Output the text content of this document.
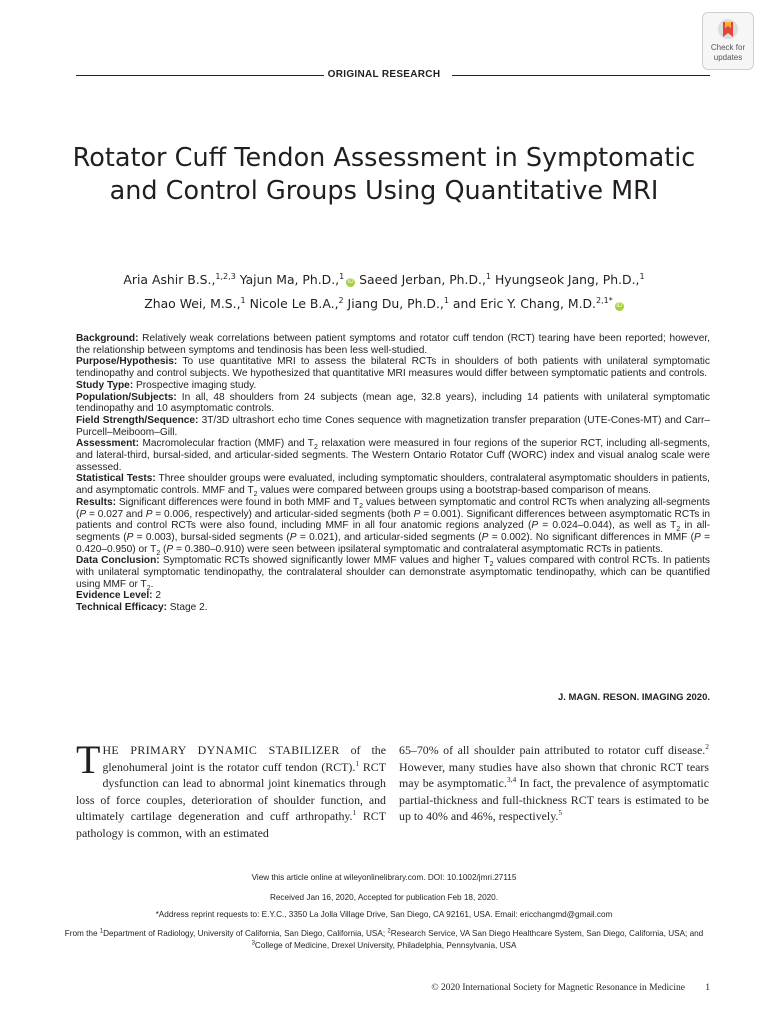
Check for
updates
ORIGINAL RESEARCH
Rotator Cuff Tendon Assessment in Symptomatic and Control Groups Using Quantitative MRI
Aria Ashir B.S.,$^{1,2,3}$ Yajun Ma, Ph.D.,$^1$iD Saeed Jerban, Ph.D.,$^1$ Hyungseok Jang, Ph.D.,$^1$
Zhao Wei, M.S.,$^1$ Nicole Le B.A.,$^2$ Jiang Du, Ph.D.,$^1$ and Eric Y. Chang, M.D.$^{2,1*}$iD

Background: Relatively weak correlations between patient symptoms and rotator cuff tendon (RCT) tearing have been reported; however, the relationship between symptoms and tendinosis has been less well-studied.

Purpose/Hypothesis: To use quantitative MRI to assess the bilateral RCTs in shoulders of both patients with unilateral symptomatic tendinopathy and control subjects. We hypothesized that quantitative MRI measures would differ between symptomatic patients and controls.

Study Type: Prospective imaging study.

Population/Subjects: In all, 48 shoulders from 24 subjects (mean age, 32.8 years), including 14 patients with unilateral symptomatic tendinopathy and 10 asymptomatic controls.

Field Strength/Sequence: 3T/3D ultrashort echo time Cones sequence with magnetization transfer preparation (UTE-Cones-MT) and Carr–Purcell–Meiboom–Gill.

Assessment: Macromolecular fraction (MMF) and $T_2$ relaxation were measured in four regions of the superior RCT, including all-segments, and lateral-third, bursal-sided, and articular-sided segments. The Western Ontario Rotator Cuff (WORC) index and visual analog scale were assessed.

Statistical Tests: Three shoulder groups were evaluated, including symptomatic shoulders, contralateral asymptomatic shoulders in patients, and asymptomatic controls. MMF and $T_2$ values were compared between groups using a bootstrap-based comparison of means.

Results: Significant differences were found in both MMF and $T_2$ values between symptomatic and control RCTs when analyzing all-segments (P = 0.027 and P = 0.006, respectively) and articular-sided segments (both P = 0.001). Significant differences between asymptomatic RCTs in patients and control RCTs were also found, including MMF in all four anatomic regions analyzed (P = 0.024–0.044), as well as $T_2$ in all-segments (P = 0.003), bursal-sided segments (P = 0.021), and articular-sided segments (P = 0.002). No significant differences in MMF (P = 0.420–0.950) or $T_2$ (P = 0.380–0.910) were seen between ipsilateral symptomatic and contralateral asymptomatic RCTs in patients.

Data Conclusion: Symptomatic RCTs showed significantly lower MMF values and higher $T_2$ values compared with control RCTs. In patients with unilateral symptomatic tendinopathy, the contralateral shoulder can demonstrate asymptomatic tendinopathy, which can be quantified using MMF or $T_2$.

Evidence Level: 2

Technical Efficacy: Stage 2.

J. MAGN. RESON. IMAGING 2020.
THE PRIMARY DYNAMIC STABILIZER of the glenohumeral joint is the rotator cuff tendon (RCT).$^1$ RCT dysfunction can lead to abnormal joint kinematics through loss of force couples, deterioration of shoulder function, and ultimately cartilage degeneration and cuff arthropathy.$^1$ RCT pathology is common, with an estimated
65–70% of all shoulder pain attributed to rotator cuff disease.$^2$ However, many studies have also shown that chronic RCT tears may be asymptomatic.$^{3,4}$ In fact, the prevalence of asymptomatic partial-thickness and full-thickness RCT tears is estimated to be up to 40% and 46%, respectively.$^5$
View this article online at wileyonlinelibrary.com. DOI: 10.1002/jmri.27115
Received Jan 16, 2020, Accepted for publication Feb 18, 2020.
*Address reprint requests to: E.Y.C., 3350 La Jolla Village Drive, San Diego, CA 92161, USA. Email: ericchangmd@gmail.com
From the $^1$Department of Radiology, University of California, San Diego, California, USA; $^2$Research Service, VA San Diego Healthcare System, San Diego, California, USA; and $^3$College of Medicine, Drexel University, Philadelphia, Pennsylvania, USA
© 2020 International Society for Magnetic Resonance in Medicine	1
